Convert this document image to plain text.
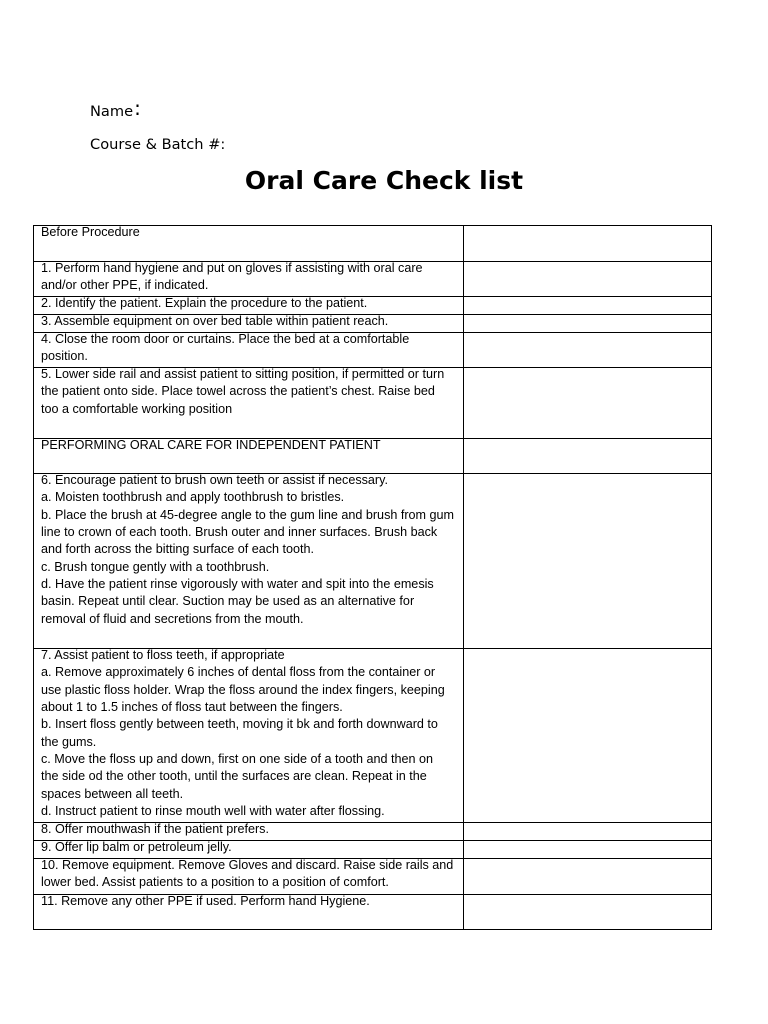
Name:
Course & Batch #:
Oral Care Check list
Before Procedure
1. Perform hand hygiene and put on gloves if assisting with oral care
and/or other PPE, if indicated.
2. Identify the patient. Explain the procedure to the patient.
3. Assemble equipment on over bed table within patient reach.
4. Close the room door or curtains. Place the bed at a comfortable
position.
5. Lower side rail and assist patient to sitting position, if permitted or turn
the patient onto side. Place towel across the patient’s chest. Raise bed
too a comfortable working position
PERFORMING ORAL CARE FOR INDEPENDENT PATIENT
6. Encourage patient to brush own teeth or assist if necessary.
a. Moisten toothbrush and apply toothbrush to bristles.
b. Place the brush at 45-degree angle to the gum line and brush from gum
line to crown of each tooth. Brush outer and inner surfaces. Brush back
and forth across the bitting surface of each tooth.
c. Brush tongue gently with a toothbrush.
d. Have the patient rinse vigorously with water and spit into the emesis
basin. Repeat until clear. Suction may be used as an alternative for
removal of fluid and secretions from the mouth.
7. Assist patient to floss teeth, if appropriate
a. Remove approximately 6 inches of dental floss from the container or
use plastic floss holder. Wrap the floss around the index fingers, keeping
about 1 to 1.5 inches of floss taut between the fingers.
b. Insert floss gently between teeth, moving it bk and forth downward to
the gums.
c. Move the floss up and down, first on one side of a tooth and then on
the side od the other tooth, until the surfaces are clean. Repeat in the
spaces between all teeth.
d. Instruct patient to rinse mouth well with water after flossing.
8. Offer mouthwash if the patient prefers.
9. Offer lip balm or petroleum jelly.
10. Remove equipment. Remove Gloves and discard. Raise side rails and
lower bed. Assist patients to a position to a position of comfort.
11. Remove any other PPE if used. Perform hand Hygiene.
